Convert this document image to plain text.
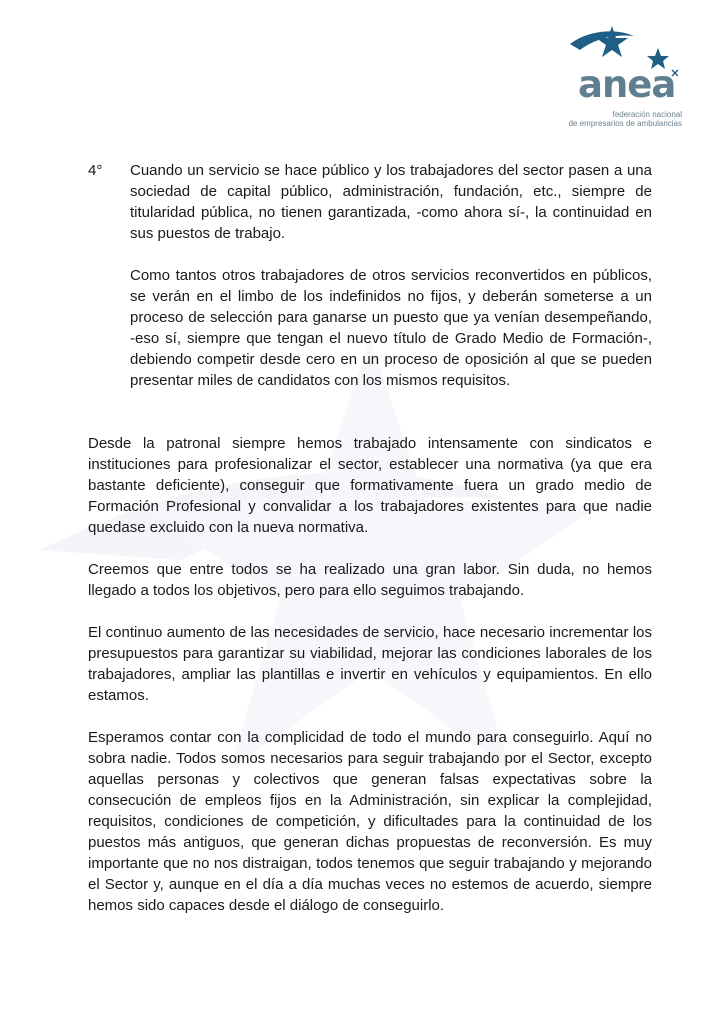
anea
federación nacional
de empresarios de ambulancias
4° Cuando un servicio se hace público y los trabajadores del sector pasen a una sociedad de capital público, administración, fundación, etc., siempre de titularidad pública, no tienen garantizada, -como ahora sí-, la continuidad en sus puestos de trabajo.

Como tantos otros trabajadores de otros servicios reconvertidos en públicos, se verán en el limbo de los indefinidos no fijos, y deberán someterse a un proceso de selección para ganarse un puesto que ya venían desempeñando, -eso sí, siempre que tengan el nuevo título de Grado Medio de Formación-, debiendo competir desde cero en un proceso de oposición al que se pueden presentar miles de candidatos con los mismos requisitos.

Desde la patronal siempre hemos trabajado intensamente con sindicatos e instituciones para profesionalizar el sector, establecer una normativa (ya que era bastante deficiente), conseguir que formativamente fuera un grado medio de Formación Profesional y convalidar a los trabajadores existentes para que nadie quedase excluido con la nueva normativa.

Creemos que entre todos se ha realizado una gran labor. Sin duda, no hemos llegado a todos los objetivos, pero para ello seguimos trabajando.

El continuo aumento de las necesidades de servicio, hace necesario incrementar los presupuestos para garantizar su viabilidad, mejorar las condiciones laborales de los trabajadores, ampliar las plantillas e invertir en vehículos y equipamientos. En ello estamos.

Esperamos contar con la complicidad de todo el mundo para conseguirlo. Aquí no sobra nadie. Todos somos necesarios para seguir trabajando por el Sector, excepto aquellas personas y colectivos que generan falsas expectativas sobre la consecución de empleos fijos en la Administración, sin explicar la complejidad, requisitos, condiciones de competición, y dificultades para la continuidad de los puestos más antiguos, que generan dichas propuestas de reconversión. Es muy importante que no nos distraigan, todos tenemos que seguir trabajando y mejorando el Sector y, aunque en el día a día muchas veces no estemos de acuerdo, siempre hemos sido capaces desde el diálogo de conseguirlo.
